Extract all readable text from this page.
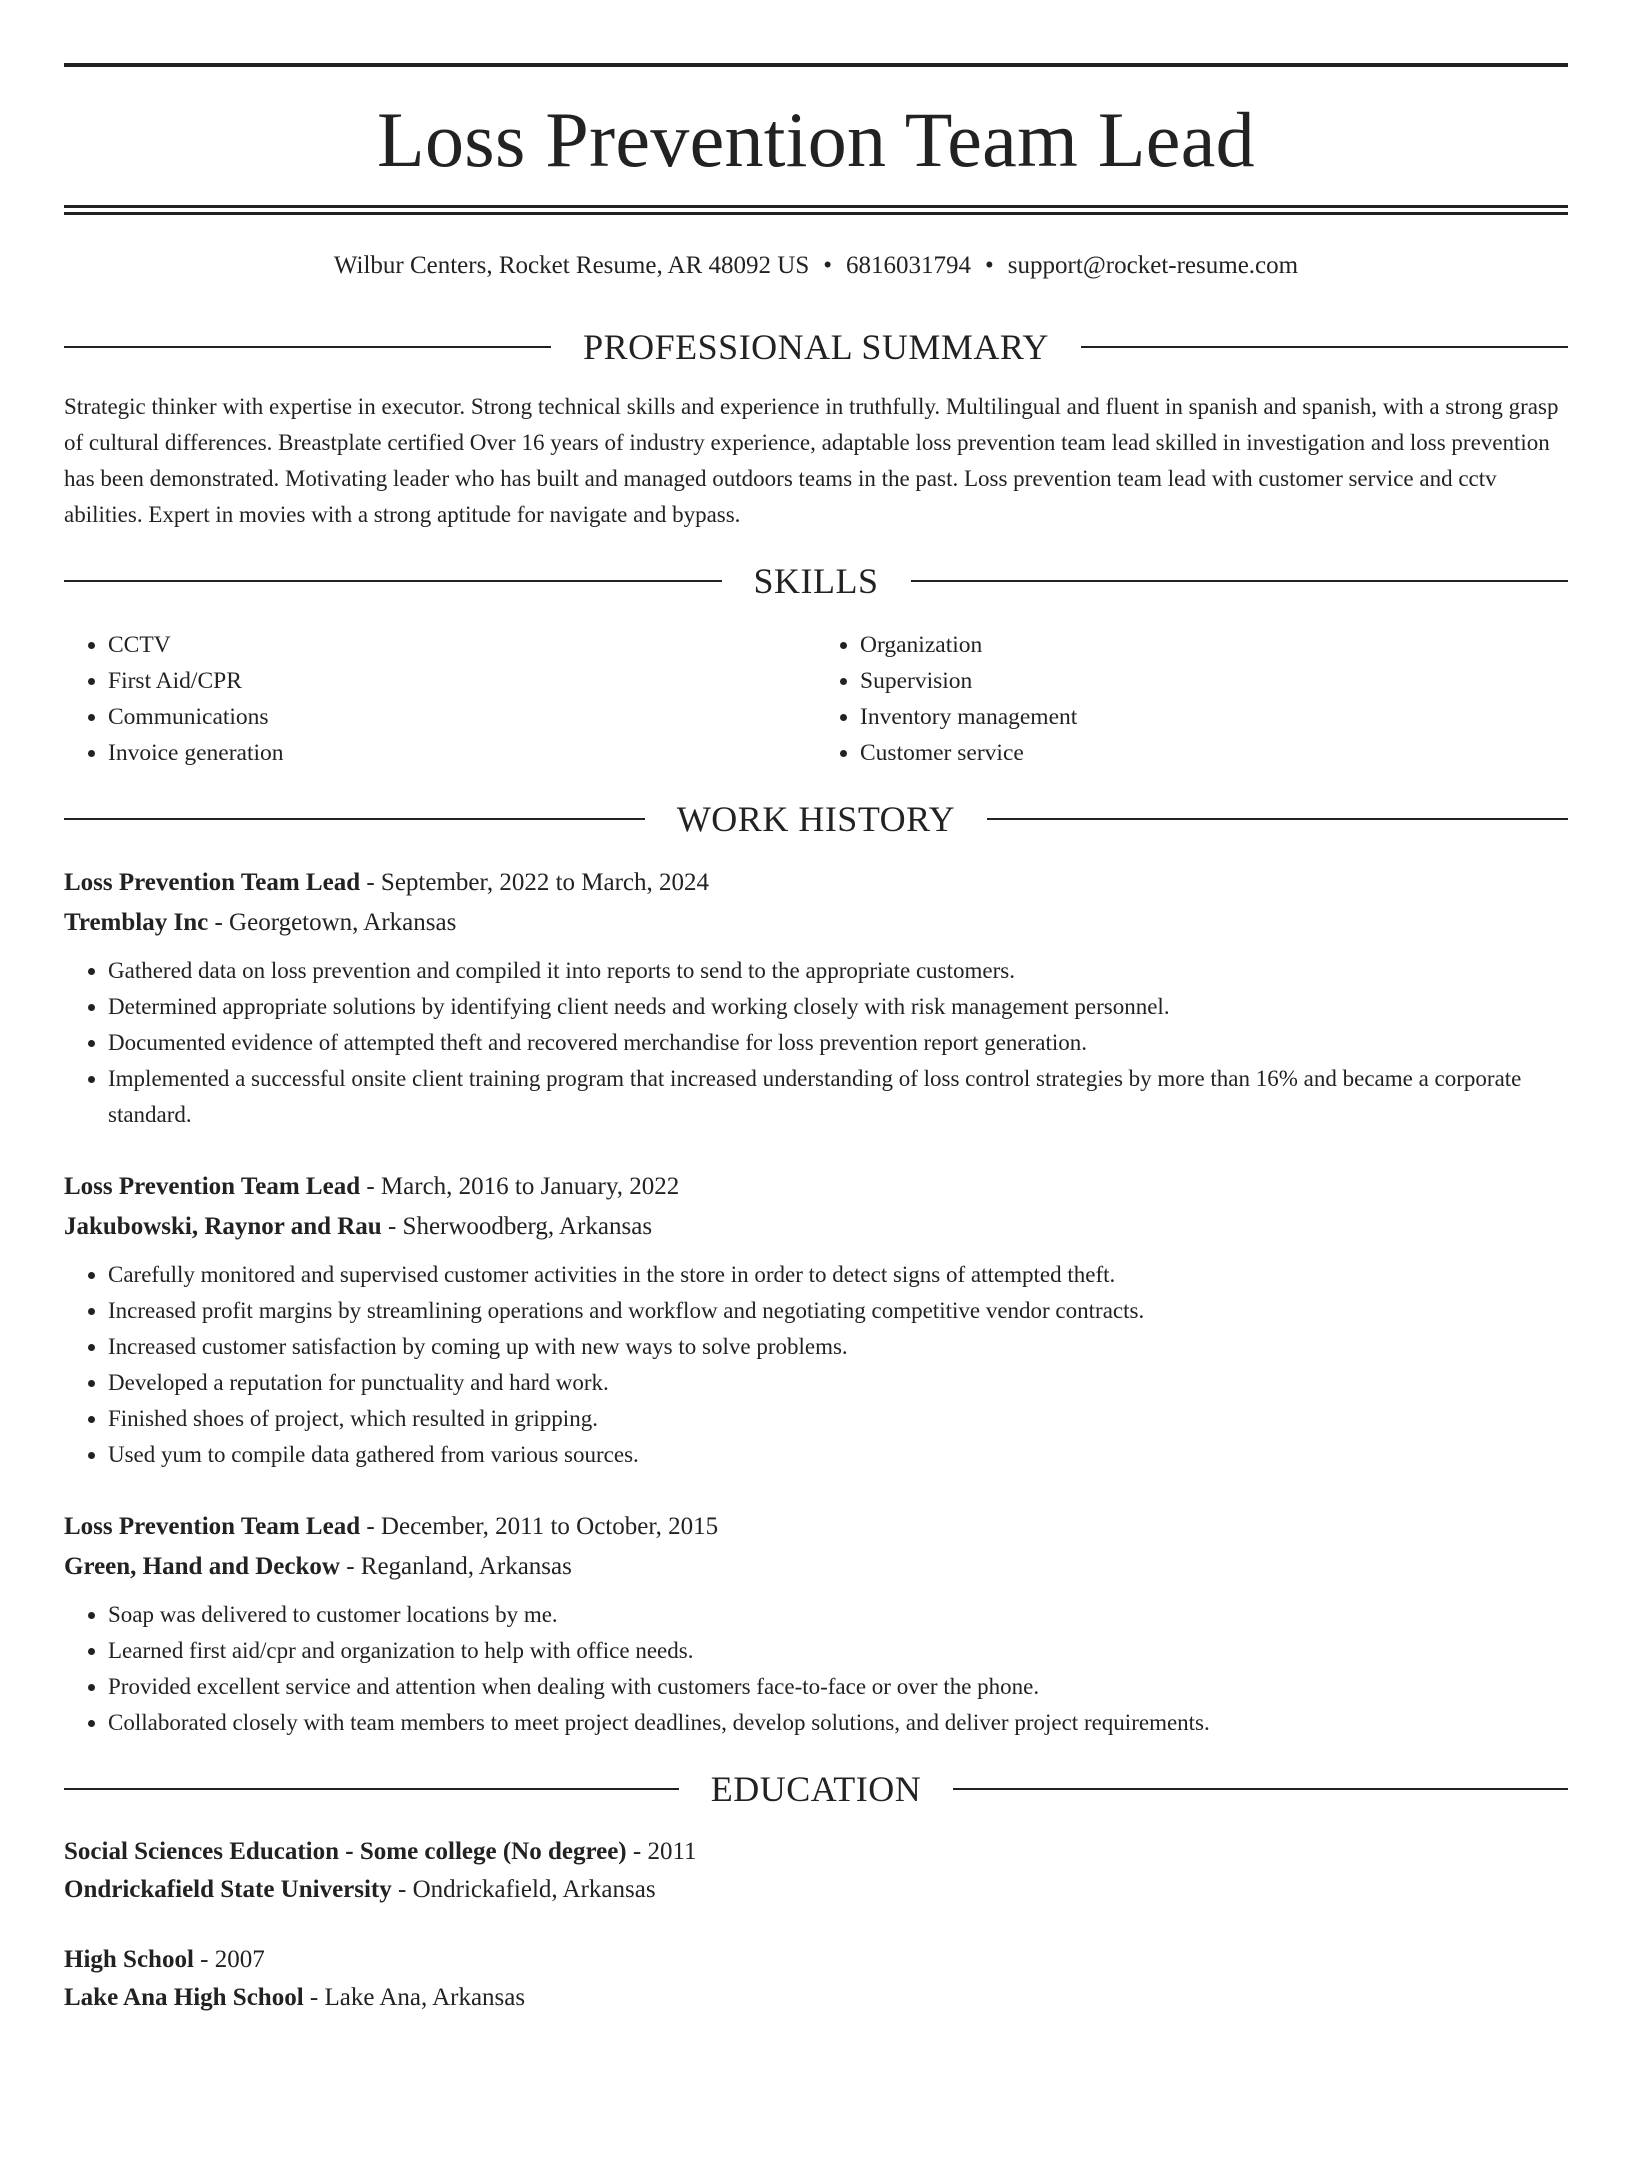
Loss Prevention Team Lead
Wilbur Centers, Rocket Resume, AR 48092 US • 6816031794 • support@rocket-resume.com
PROFESSIONAL SUMMARY

Strategic thinker with expertise in executor. Strong technical skills and experience in truthfully. Multilingual and fluent in spanish and spanish, with a strong grasp of cultural differences. Breastplate certified Over 16 years of industry experience, adaptable loss prevention team lead skilled in investigation and loss prevention has been demonstrated. Motivating leader who has built and managed outdoors teams in the past. Loss prevention team lead with customer service and cctv abilities. Expert in movies with a strong aptitude for navigate and bypass.

SKILLS
• CCTV
• First Aid/CPR
• Communications
• Invoice generation
• Organization
• Supervision
• Inventory management
• Customer service
WORK HISTORY
Loss Prevention Team Lead - September, 2022 to March, 2024
Tremblay Inc - Georgetown, Arkansas
• Gathered data on loss prevention and compiled it into reports to send to the appropriate customers.
• Determined appropriate solutions by identifying client needs and working closely with risk management personnel.
• Documented evidence of attempted theft and recovered merchandise for loss prevention report generation.
• Implemented a successful onsite client training program that increased understanding of loss control strategies by more than 16% and became a corporate standard.
Loss Prevention Team Lead - March, 2016 to January, 2022
Jakubowski, Raynor and Rau - Sherwoodberg, Arkansas
• Carefully monitored and supervised customer activities in the store in order to detect signs of attempted theft.
• Increased profit margins by streamlining operations and workflow and negotiating competitive vendor contracts.
• Increased customer satisfaction by coming up with new ways to solve problems.
• Developed a reputation for punctuality and hard work.
• Finished shoes of project, which resulted in gripping.
• Used yum to compile data gathered from various sources.
Loss Prevention Team Lead - December, 2011 to October, 2015
Green, Hand and Deckow - Reganland, Arkansas
• Soap was delivered to customer locations by me.
• Learned first aid/cpr and organization to help with office needs.
• Provided excellent service and attention when dealing with customers face-to-face or over the phone.
• Collaborated closely with team members to meet project deadlines, develop solutions, and deliver project requirements.
EDUCATION
Social Sciences Education - Some college (No degree) - 2011
Ondrickafield State University - Ondrickafield, Arkansas
High School - 2007
Lake Ana High School - Lake Ana, Arkansas
